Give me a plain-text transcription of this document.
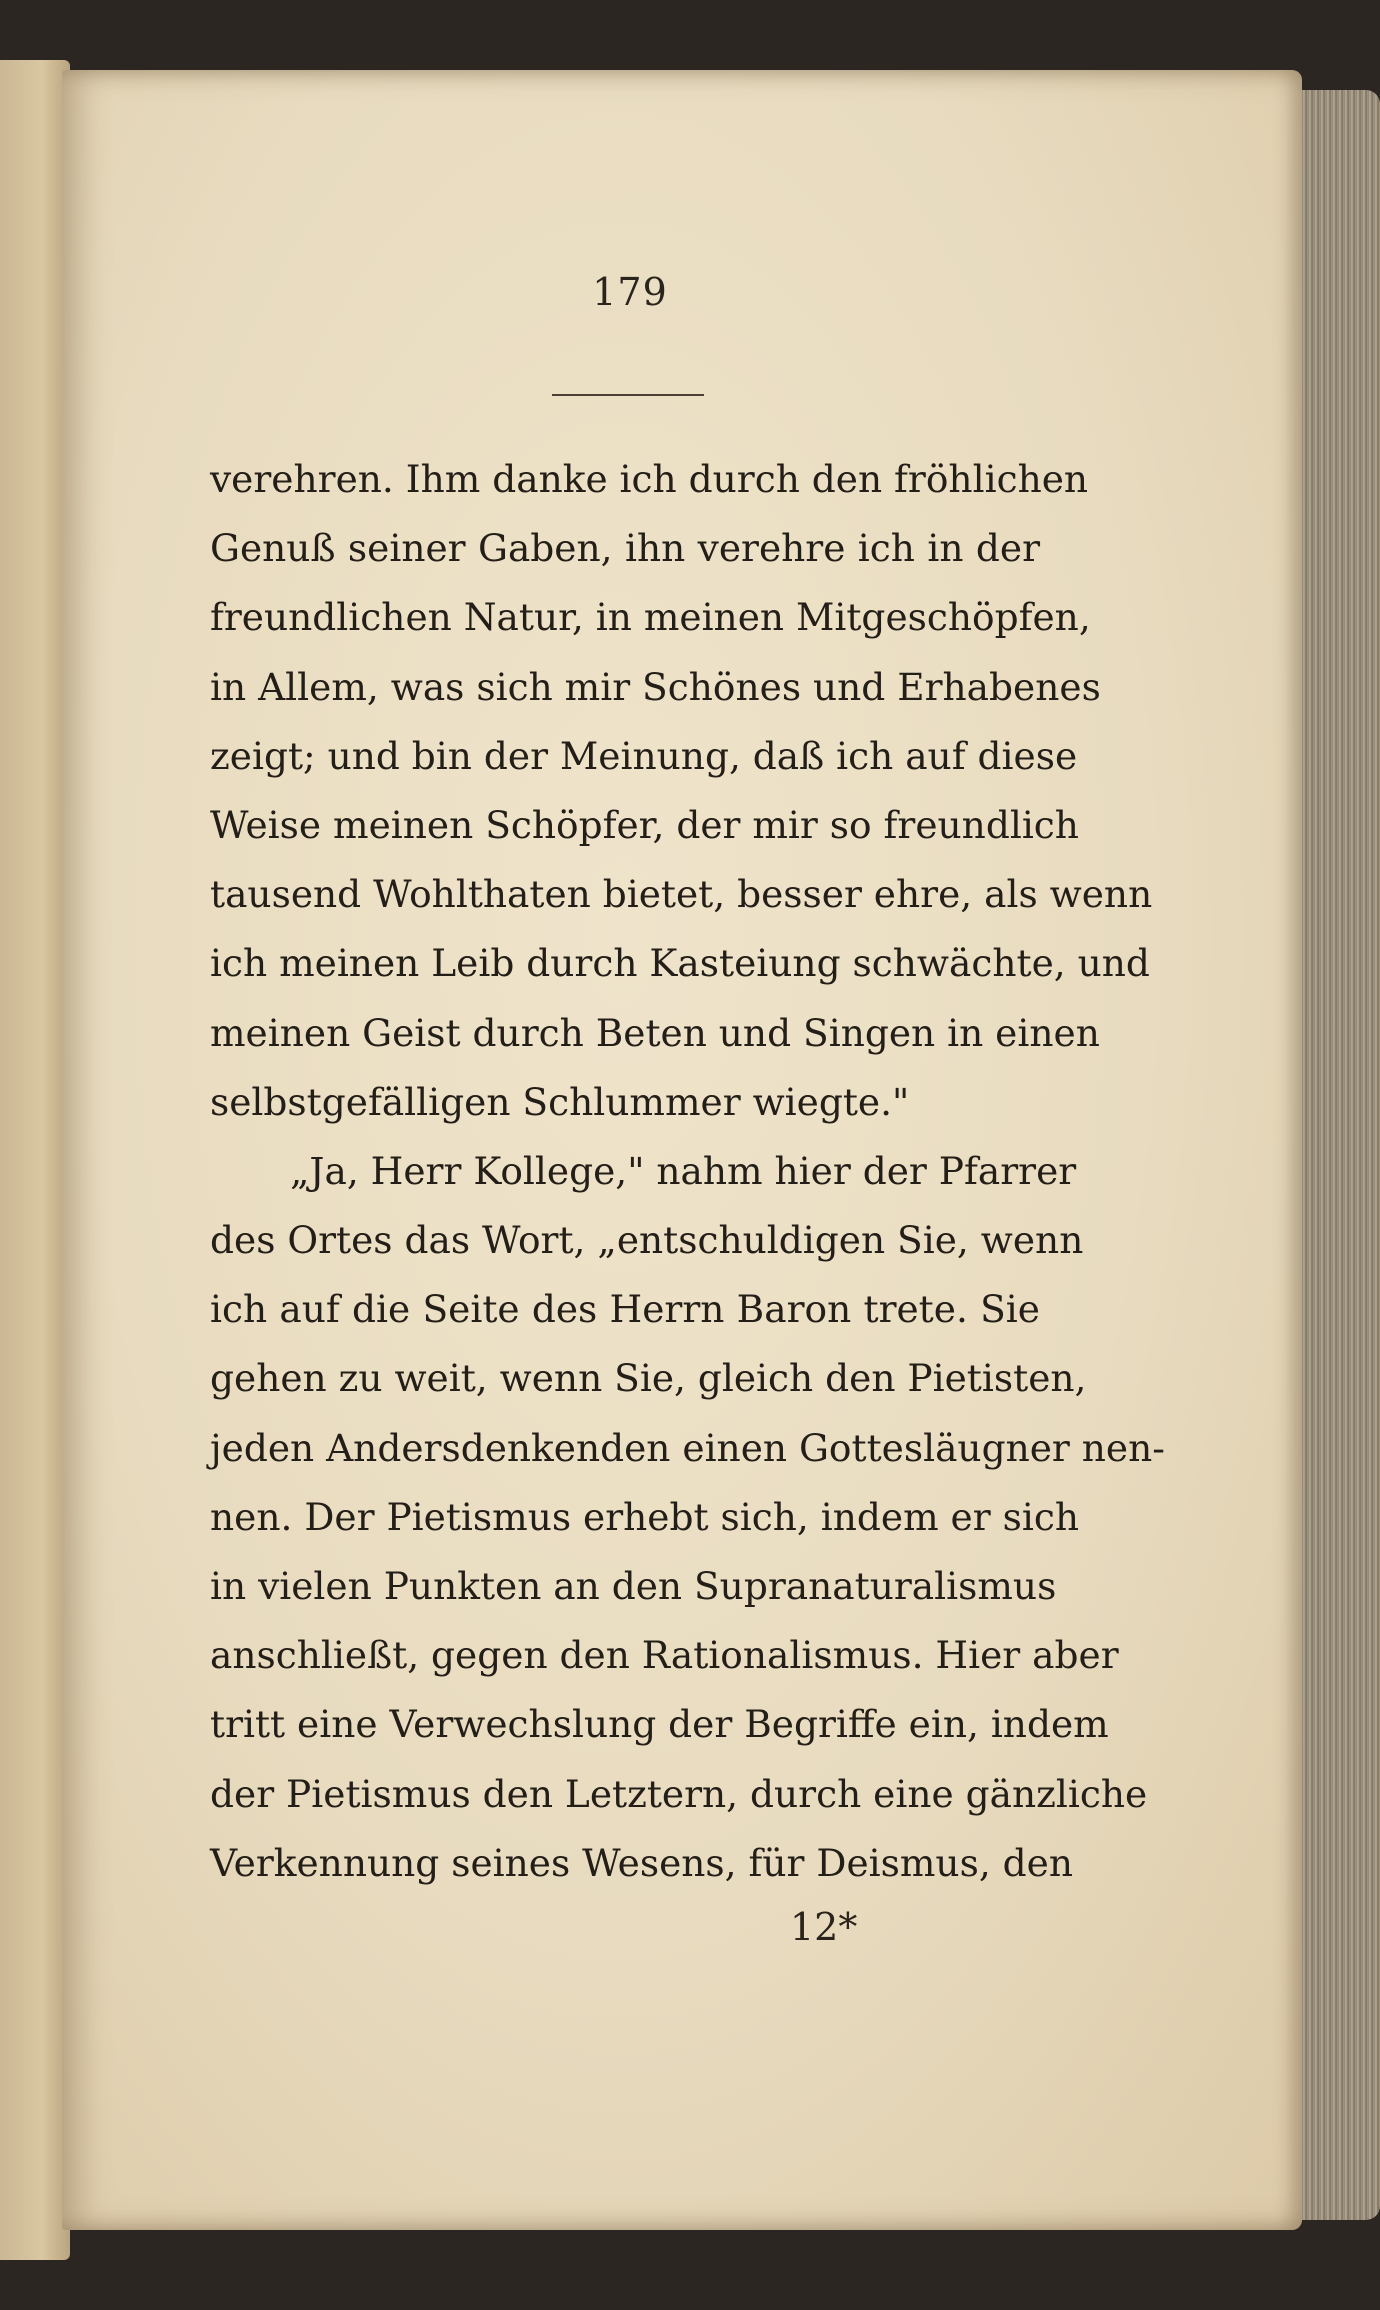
179
verehren. Ihm danke ich durch den fröhlichen
Genuß seiner Gaben, ihn verehre ich in der
freundlichen Natur, in meinen Mitgeschöpfen,
in Allem, was sich mir Schönes und Erhabenes
zeigt; und bin der Meinung, daß ich auf diese
Weise meinen Schöpfer, der mir so freundlich
tausend Wohlthaten bietet, besser ehre, als wenn
ich meinen Leib durch Kasteiung schwächte, und
meinen Geist durch Beten und Singen in einen
selbstgefälligen Schlummer wiegte."
„Ja, Herr Kollege," nahm hier der Pfarrer
des Ortes das Wort, „entschuldigen Sie, wenn
ich auf die Seite des Herrn Baron trete. Sie
gehen zu weit, wenn Sie, gleich den Pietisten,
jeden Andersdenkenden einen Gottesläugner nen-
nen. Der Pietismus erhebt sich, indem er sich
in vielen Punkten an den Supranaturalismus
anschließt, gegen den Rationalismus. Hier aber
tritt eine Verwechslung der Begriffe ein, indem
der Pietismus den Letztern, durch eine gänzliche
Verkennung seines Wesens, für Deismus, den
12*
